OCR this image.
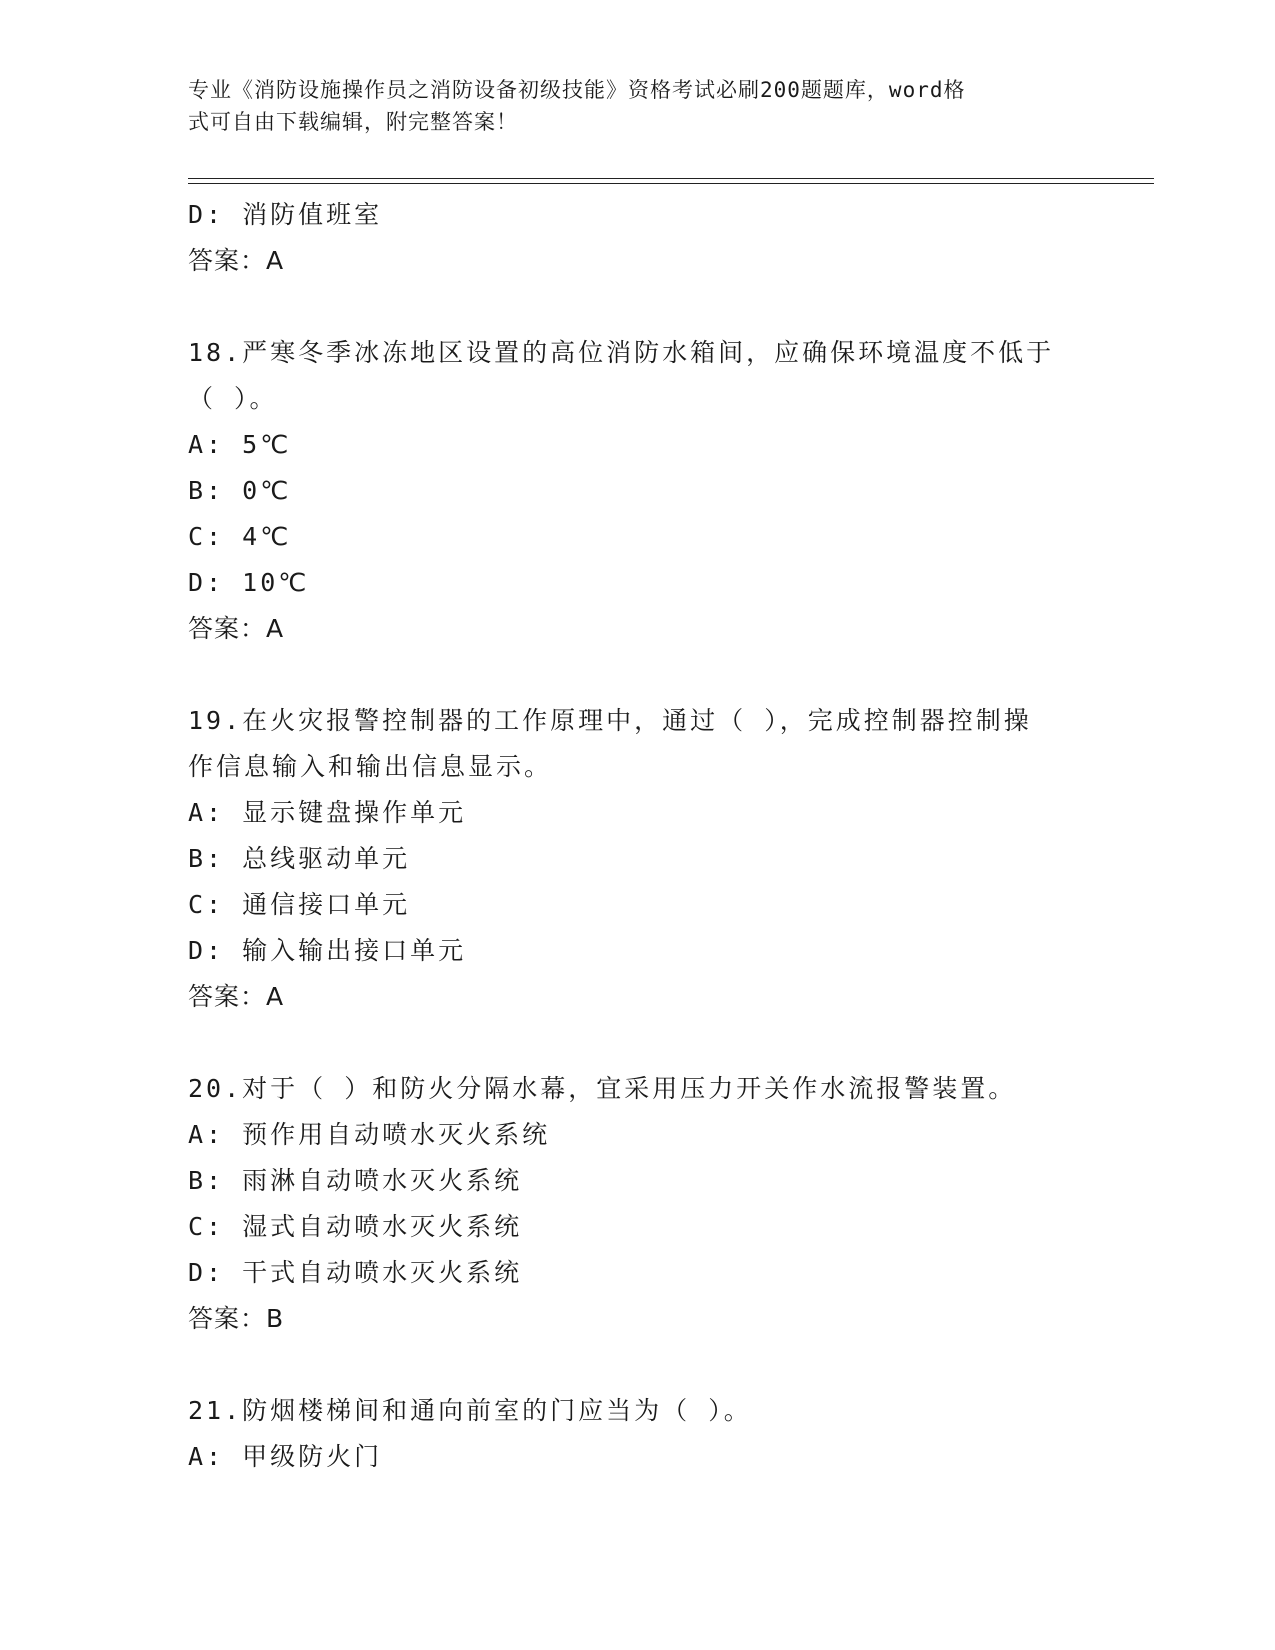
专业《消防设施操作员之消防设备初级技能》资格考试必刷200题题库，word格
式可自由下载编辑，附完整答案！
D: 消防值班室
答案：A
18.严寒冬季冰冻地区设置的高位消防水箱间，应确保环境温度不低于
（ ）。
A: 5℃
B: 0℃
C: 4℃
D: 10℃
答案：A
19.在火灾报警控制器的工作原理中，通过（ ），完成控制器控制操
作信息输入和输出信息显示。
A: 显示键盘操作单元
B: 总线驱动单元
C: 通信接口单元
D: 输入输出接口单元
答案：A
20.对于（ ）和防火分隔水幕，宜采用压力开关作水流报警装置。
A: 预作用自动喷水灭火系统
B: 雨淋自动喷水灭火系统
C: 湿式自动喷水灭火系统
D: 干式自动喷水灭火系统
答案：B
21.防烟楼梯间和通向前室的门应当为（ ）。
A: 甲级防火门
